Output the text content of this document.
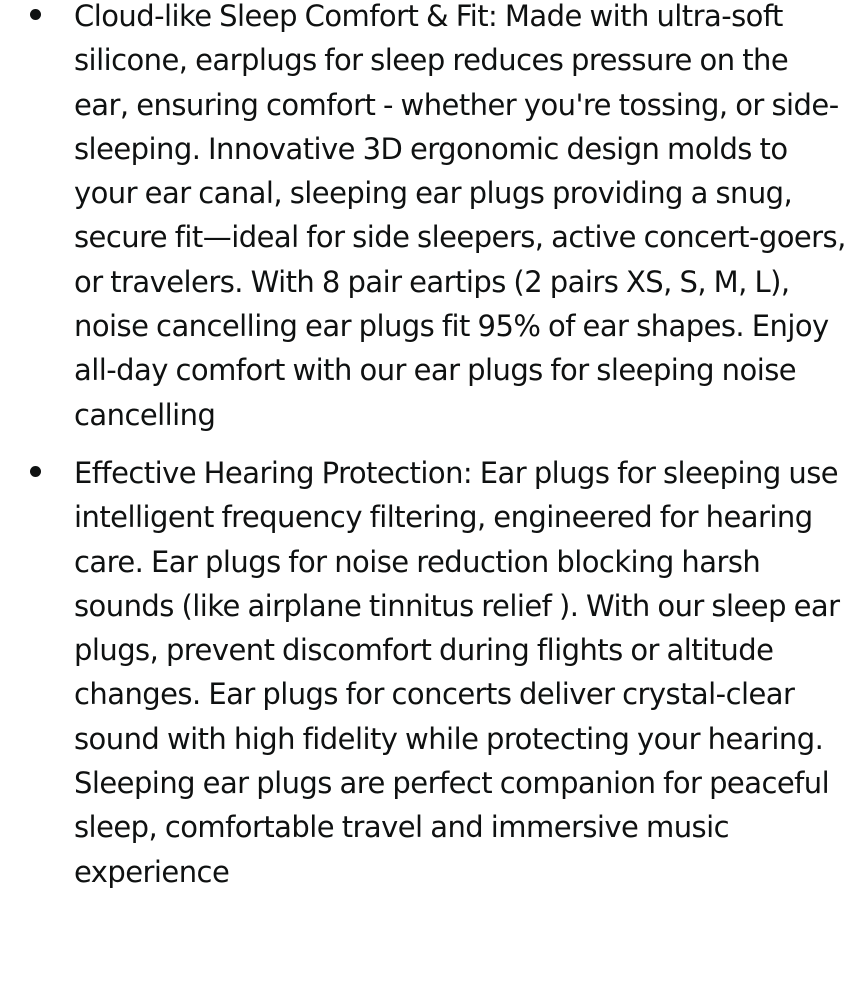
Cloud-like Sleep Comfort & Fit: Made with ultra-soft silicone, earplugs for sleep reduces pressure on the ear, ensuring comfort - whether you're tossing, or side-sleeping. Innovative 3D ergonomic design molds to your ear canal, sleeping ear plugs providing a snug, secure fit—ideal for side sleepers, active concert-goers, or travelers. With 8 pair eartips (2 pairs XS, S, M, L), noise cancelling ear plugs fit 95% of ear shapes. Enjoy all-day comfort with our ear plugs for sleeping noise cancelling
Effective Hearing Protection: Ear plugs for sleeping use intelligent frequency filtering, engineered for hearing care. Ear plugs for noise reduction blocking harsh sounds (like airplane tinnitus relief ). With our sleep ear plugs, prevent discomfort during flights or altitude changes. Ear plugs for concerts deliver crystal-clear sound with high fidelity while protecting your hearing. Sleeping ear plugs are perfect companion for peaceful sleep, comfortable travel and immersive music experience
